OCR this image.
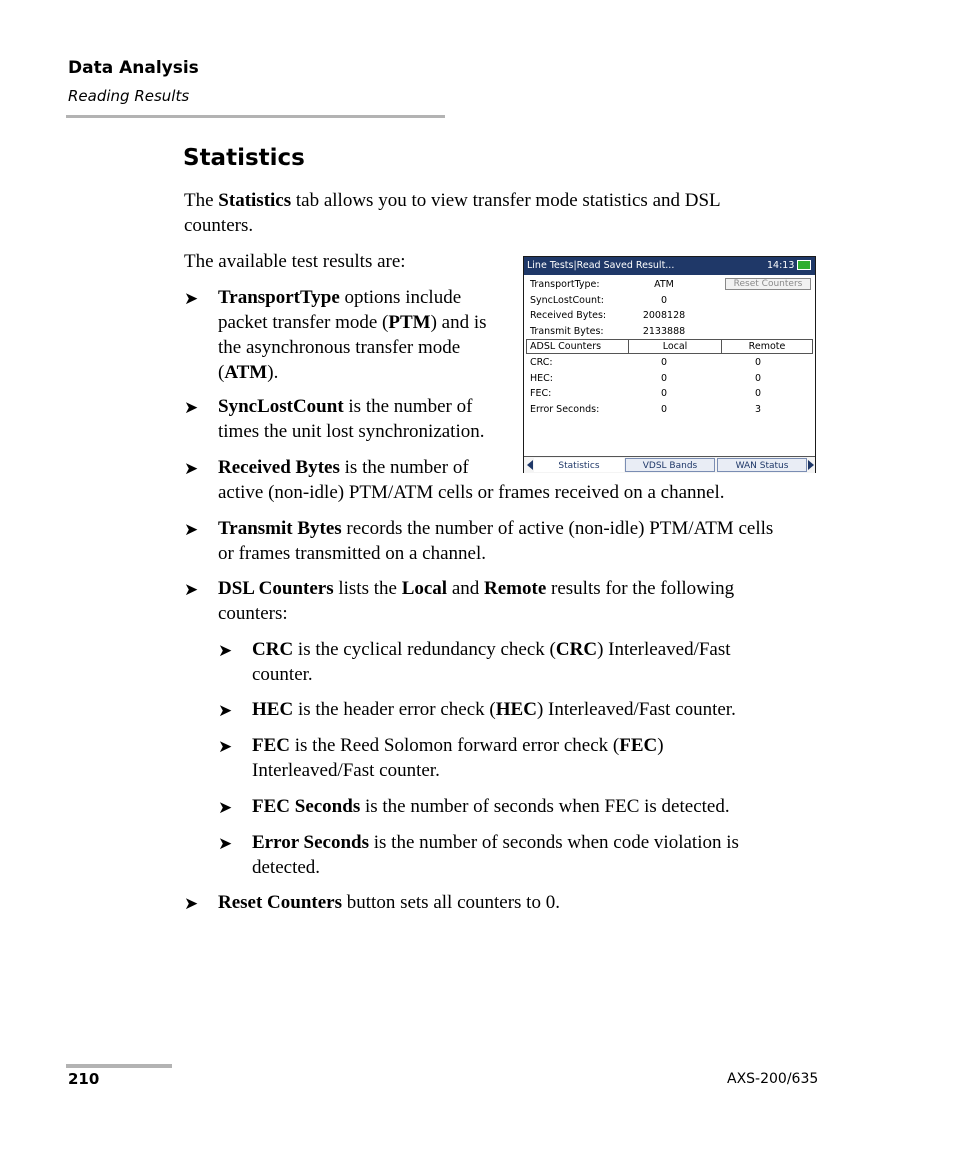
Data Analysis
Reading Results
Statistics
The Statistics tab allows you to view transfer mode statistics and DSL
counters.
The available test results are:
➤ TransportType options include
packet transfer mode (PTM) and is
the asynchronous transfer mode
(ATM).
➤ SyncLostCount is the number of
times the unit lost synchronization.
➤ Received Bytes is the number of
active (non-idle) PTM/ATM cells or frames received on a channel.
➤ Transmit Bytes records the number of active (non-idle) PTM/ATM cells
or frames transmitted on a channel.
➤ DSL Counters lists the Local and Remote results for the following
counters:
➤ CRC is the cyclical redundancy check (CRC) Interleaved/Fast
counter.
➤ HEC is the header error check (HEC) Interleaved/Fast counter.
➤ FEC is the Reed Solomon forward error check (FEC)
Interleaved/Fast counter.
➤ FEC Seconds is the number of seconds when FEC is detected.
➤ Error Seconds is the number of seconds when code violation is
detected.
➤ Reset Counters button sets all counters to 0.
Line Tests|Read Saved Result...	14:13
TransportType:	ATM	Reset Counters
SyncLostCount:	0
Received Bytes:	2008128
Transmit Bytes:	2133888
ADSL Counters	Local	Remote
CRC:	0	0
HEC:	0	0
FEC:	0	0
Error Seconds:	0	3
Statistics	VDSL Bands	WAN Status
210	AXS-200/635
